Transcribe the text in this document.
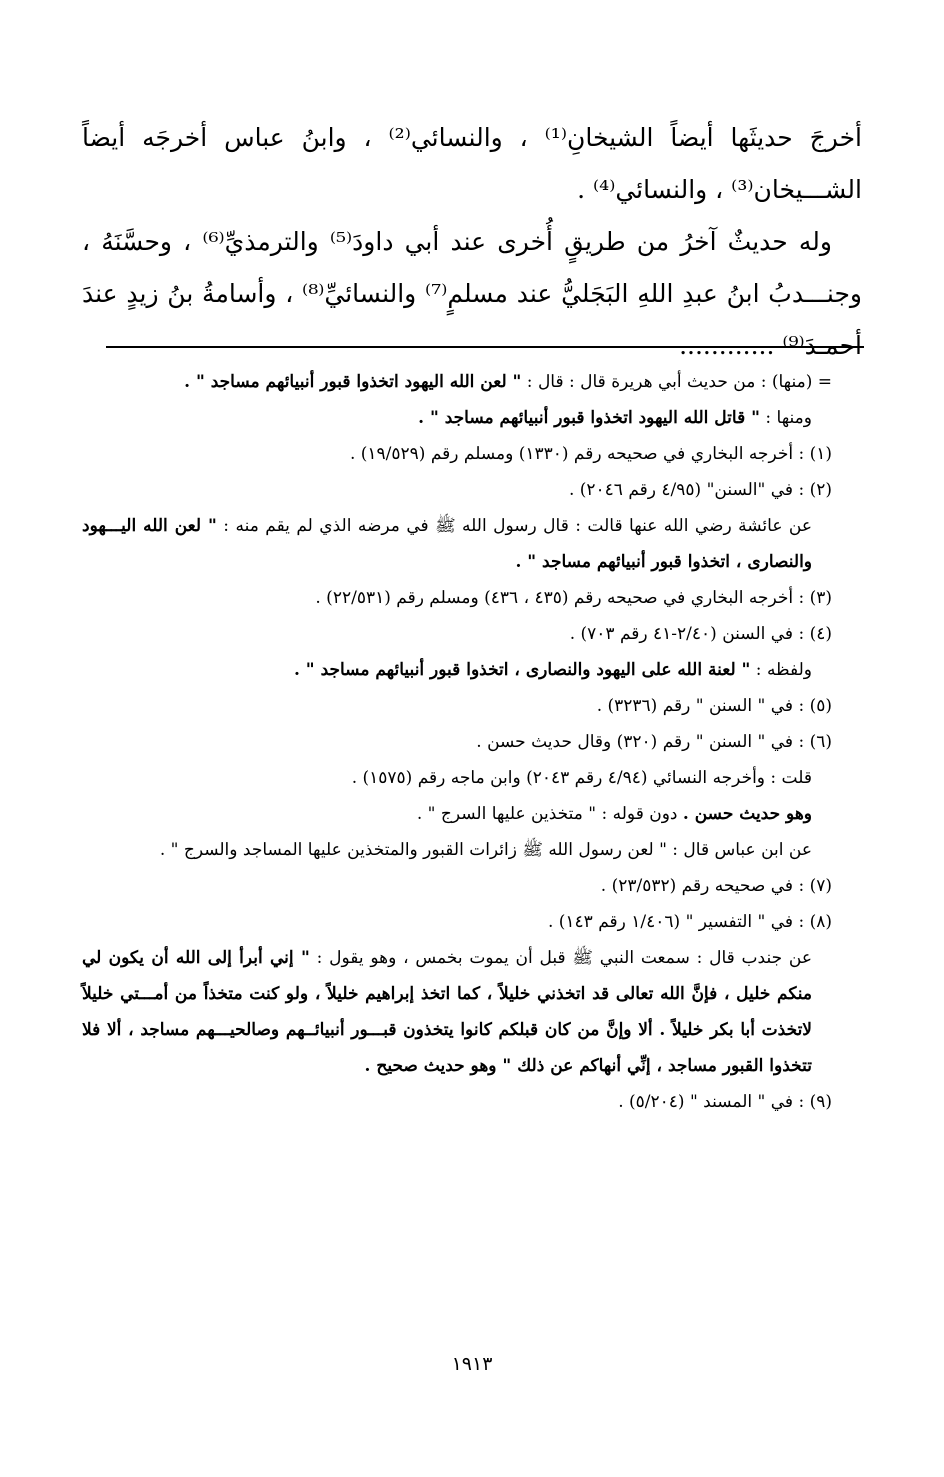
أخرجَ حديثَها أيضاً الشيخانِ⁽¹⁾ ، والنسائي⁽²⁾ ، وابنُ عباس أخرجَه أيضاً الشـــيخان⁽³⁾ ، والنسائي⁽⁴⁾ .

وله حديثٌ آخرُ من طريقٍ أُخرى عند أبي داودَ⁽⁵⁾ والترمذيِّ⁽⁶⁾ ، وحسَّنَهُ ، وجنـــدبُ ابنُ عبدِ اللهِ البَجَليُّ عند مسلمٍ⁽⁷⁾ والنسائيِّ⁽⁸⁾ ، وأسامةُ بنُ زيدٍ عندَ أحمـدَ⁽⁹⁾ ............

= (منها) : من حديث أبي هريرة قال : قال : " لعن الله اليهود اتخذوا قبور أنبيائهم مساجد " .

ومنها : " قاتل الله اليهود اتخذوا قبور أنبيائهم مساجد " .

(١) : أخرجه البخاري في صحيحه رقم (١٣٣٠) ومسلم رقم (١٩/٥٢٩) .

(٢) : في "السنن" (٤/٩٥ رقم ٢٠٤٦) .

عن عائشة رضي الله عنها قالت : قال رسول الله ﷺ في مرضه الذي لم يقم منه : " لعن الله اليـــهود والنصارى ، اتخذوا قبور أنبيائهم مساجد " .

(٣) : أخرجه البخاري في صحيحه رقم (٤٣٥ ، ٤٣٦) ومسلم رقم (٢٢/٥٣١) .

(٤) : في السنن (٢/٤٠-٤١ رقم ٧٠٣) .

ولفظه : " لعنة الله على اليهود والنصارى ، اتخذوا قبور أنبيائهم مساجد " .

(٥) : في " السنن " رقم (٣٢٣٦) .

(٦) : في " السنن " رقم (٣٢٠) وقال حديث حسن .

قلت : وأخرجه النسائي (٤/٩٤ رقم ٢٠٤٣) وابن ماجه رقم (١٥٧٥) .

وهو حديث حسن . دون قوله : " متخذين عليها السرج " .

عن ابن عباس قال : " لعن رسول الله ﷺ زائرات القبور والمتخذين عليها المساجد والسرج " .

(٧) : في صحيحه رقم (٢٣/٥٣٢) .

(٨) : في " التفسير " (١/٤٠٦ رقم ١٤٣) .

عن جندب قال : سمعت النبي ﷺ قبل أن يموت بخمس ، وهو يقول : " إني أبرأ إلى الله أن يكون لي منكم خليل ، فإنَّ الله تعالى قد اتخذني خليلاً ، كما اتخذ إبراهيم خليلاً ، ولو كنت متخذاً من أمـــتي خليلاً لاتخذت أبا بكر خليلاً . ألا وإنَّ من كان قبلكم كانوا يتخذون قبـــور أنبيائــهم وصالحيـــهم مساجد ، ألا فلا تتخذوا القبور مساجد ، إنِّي أنهاكم عن ذلك " وهو حديث صحيح .

(٩) : في " المسند " (٥/٢٠٤) .

١٩١٣
